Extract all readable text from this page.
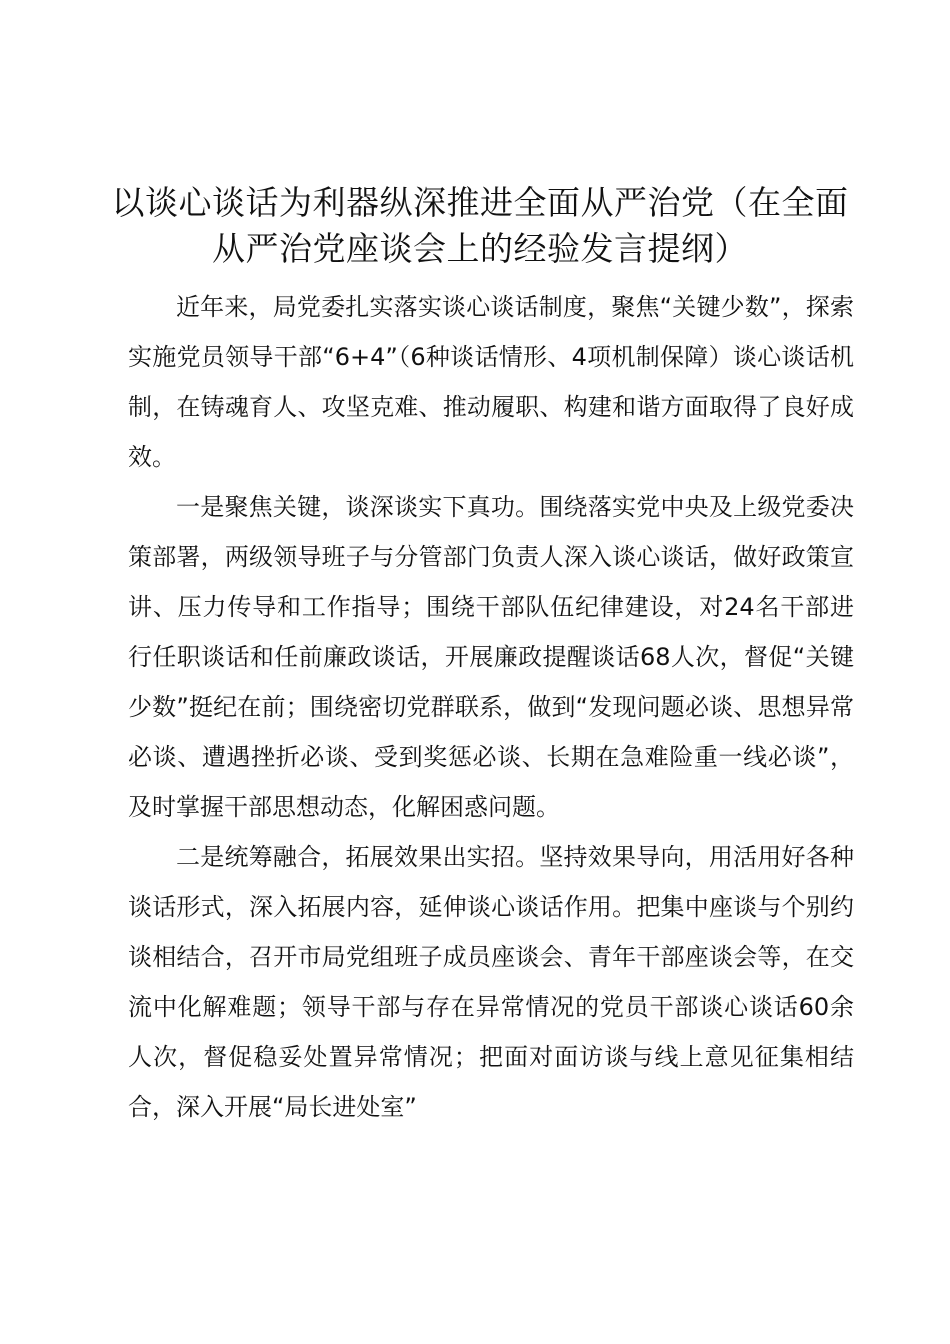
以谈心谈话为利器纵深推进全面从严治党（在全面从严治党座谈会上的经验发言提纲）

近年来，局党委扎实落实谈心谈话制度，聚焦“关键少数”，探索实施党员领导干部“6+4”（6种谈话情形、4项机制保障）谈心谈话机制，在铸魂育人、攻坚克难、推动履职、构建和谐方面取得了良好成效。

一是聚焦关键，谈深谈实下真功。围绕落实党中央及上级党委决策部署，两级领导班子与分管部门负责人深入谈心谈话，做好政策宣讲、压力传导和工作指导；围绕干部队伍纪律建设，对24名干部进行任职谈话和任前廉政谈话，开展廉政提醒谈话68人次，督促“关键少数”挺纪在前；围绕密切党群联系，做到“发现问题必谈、思想异常必谈、遭遇挫折必谈、受到奖惩必谈、长期在急难险重一线必谈”，及时掌握干部思想动态，化解困惑问题。

二是统筹融合，拓展效果出实招。坚持效果导向，用活用好各种谈话形式，深入拓展内容，延伸谈心谈话作用。把集中座谈与个别约谈相结合，召开市局党组班子成员座谈会、青年干部座谈会等，在交流中化解难题；领导干部与存在异常情况的党员干部谈心谈话60余人次，督促稳妥处置异常情况；把面对面访谈与线上意见征集相结合，深入开展“局长进处室”
